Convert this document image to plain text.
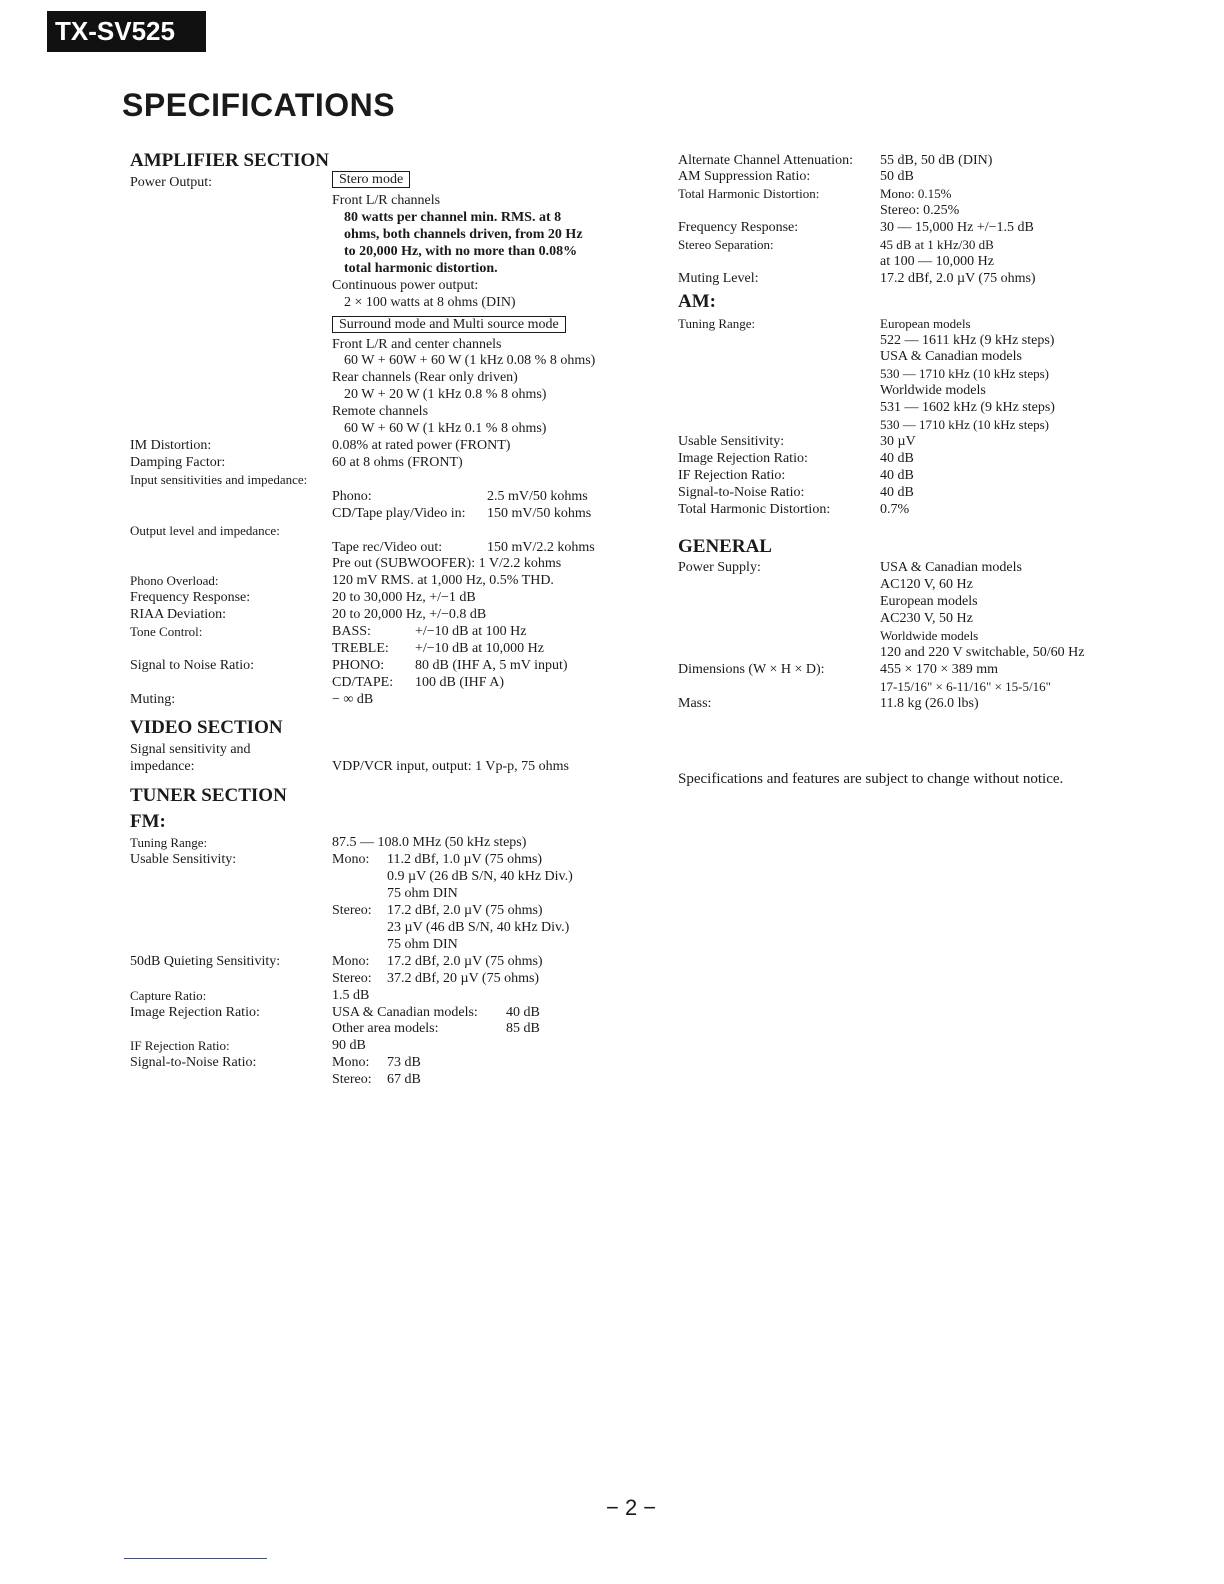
TX-SV525
SPECIFICATIONS
AMPLIFIER SECTION
Power Output:	Stero mode
Front L/R channels
80 watts per channel min. RMS. at 8
ohms, both channels driven, from 20 Hz
to 20,000 Hz, with no more than 0.08%
total harmonic distortion.
Continuous power output:
2 × 100 watts at 8 ohms (DIN)
Surround mode and Multi source mode
Front L/R and center channels
60 W + 60W + 60 W (1 kHz 0.08 % 8 ohms)
Rear channels (Rear only driven)
20 W + 20 W (1 kHz 0.8 % 8 ohms)
Remote channels
60 W + 60 W (1 kHz 0.1 % 8 ohms)
IM Distortion:	0.08% at rated power (FRONT)
Damping Factor:	60 at 8 ohms (FRONT)
Input sensitivities and impedance:
Phono:	2.5 mV/50 kohms
CD/Tape play/Video in: 150 mV/50 kohms
Output level and impedance:
Tape rec/Video out:	150 mV/2.2 kohms
Pre out (SUBWOOFER): 1 V/2.2 kohms
Phono Overload:	120 mV RMS. at 1,000 Hz, 0.5% THD.
Frequency Response:	20 to 30,000 Hz, +/−1 dB
RIAA Deviation:	20 to 20,000 Hz, +/−0.8 dB
Tone Control:	BASS:	+/−10 dB at 100 Hz
TREBLE: +/−10 dB at 10,000 Hz
Signal to Noise Ratio:	PHONO: 80 dB (IHF A, 5 mV input)
CD/TAPE: 100 dB (IHF A)
Muting:	− ∞ dB
VIDEO SECTION
Signal sensitivity and
impedance:	VDP/VCR input, output: 1 Vp-p, 75 ohms
TUNER SECTION
FM:
Tuning Range:	87.5 — 108.0 MHz (50 kHz steps)
Usable Sensitivity:	Mono: 11.2 dBf, 1.0 µV (75 ohms)
0.9 µV (26 dB S/N, 40 kHz Div.)
75 ohm DIN
Stereo: 17.2 dBf, 2.0 µV (75 ohms)
23 µV (46 dB S/N, 40 kHz Div.)
75 ohm DIN
50dB Quieting Sensitivity:	Mono: 17.2 dBf, 2.0 µV (75 ohms)
Stereo: 37.2 dBf, 20 µV (75 ohms)
Capture Ratio:	1.5 dB
Image Rejection Ratio:	USA & Canadian models: 40 dB
Other area models:	85 dB
IF Rejection Ratio:	90 dB
Signal-to-Noise Ratio:	Mono: 73 dB
Stereo: 67 dB
Alternate Channel Attenuation: 55 dB, 50 dB (DIN)
AM Suppression Ratio:	50 dB
Total Harmonic Distortion:	Mono: 0.15%
Stereo: 0.25%
Frequency Response:	30 — 15,000 Hz +/−1.5 dB
Stereo Separation:	45 dB at 1 kHz/30 dB
at 100 — 10,000 Hz
Muting Level:	17.2 dBf, 2.0 µV (75 ohms)
AM:
Tuning Range:	European models
522 — 1611 kHz (9 kHz steps)
USA & Canadian models
530 — 1710 kHz (10 kHz steps)
Worldwide models
531 — 1602 kHz (9 kHz steps)
530 — 1710 kHz (10 kHz steps)
Usable Sensitivity:	30 µV
Image Rejection Ratio:	40 dB
IF Rejection Ratio:	40 dB
Signal-to-Noise Ratio:	40 dB
Total Harmonic Distortion:	0.7%
GENERAL
Power Supply:	USA & Canadian models
AC120 V, 60 Hz
European models
AC230 V, 50 Hz
Worldwide models
120 and 220 V switchable, 50/60 Hz
Dimensions (W × H × D):	455 × 170 × 389 mm
17-15/16" × 6-11/16" × 15-5/16"
Mass:	11.8 kg (26.0 lbs)
Specifications and features are subject to change without notice.
− 2 −
